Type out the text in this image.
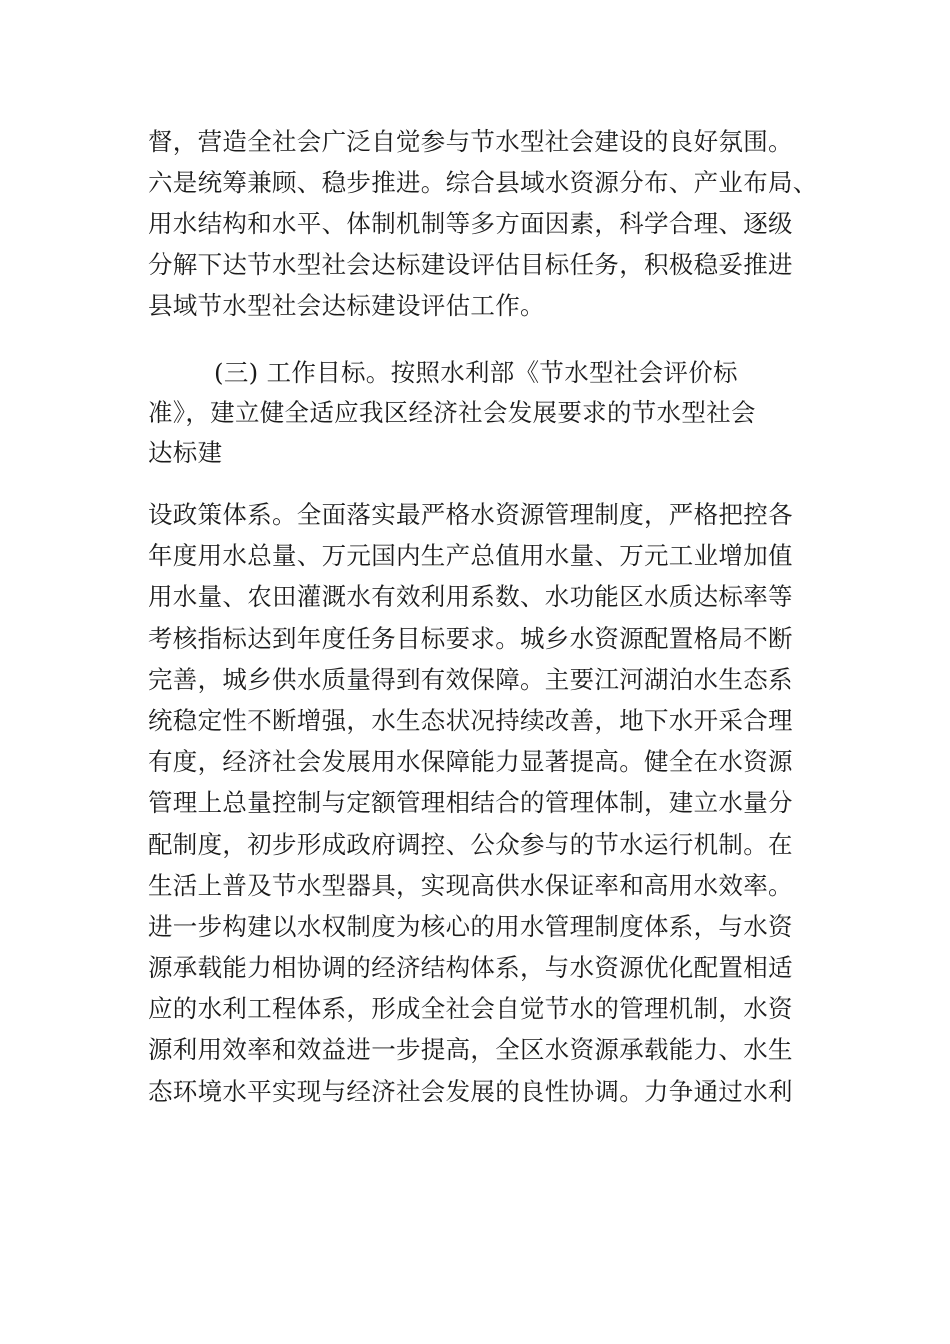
督，营造全社会广泛自觉参与节水型社会建设的良好氛围。
六是统筹兼顾、稳步推进。综合县域水资源分布、产业布局、
用水结构和水平、体制机制等多方面因素，科学合理、逐级
分解下达节水型社会达标建设评估目标任务，积极稳妥推进
县域节水型社会达标建设评估工作。
(三) 工作目标。按照水利部《节水型社会评价标
准》，建立健全适应我区经济社会发展要求的节水型社会
达标建
设政策体系。全面落实最严格水资源管理制度，严格把控各
年度用水总量、万元国内生产总值用水量、万元工业增加值
用水量、农田灌溉水有效利用系数、水功能区水质达标率等
考核指标达到年度任务目标要求。城乡水资源配置格局不断
完善，城乡供水质量得到有效保障。主要江河湖泊水生态系
统稳定性不断增强，水生态状况持续改善，地下水开采合理
有度，经济社会发展用水保障能力显著提高。健全在水资源
管理上总量控制与定额管理相结合的管理体制，建立水量分
配制度，初步形成政府调控、公众参与的节水运行机制。在
生活上普及节水型器具，实现高供水保证率和高用水效率。
进一步构建以水权制度为核心的用水管理制度体系，与水资
源承载能力相协调的经济结构体系，与水资源优化配置相适
应的水利工程体系，形成全社会自觉节水的管理机制，水资
源利用效率和效益进一步提高，全区水资源承载能力、水生
态环境水平实现与经济社会发展的良性协调。力争通过水利
